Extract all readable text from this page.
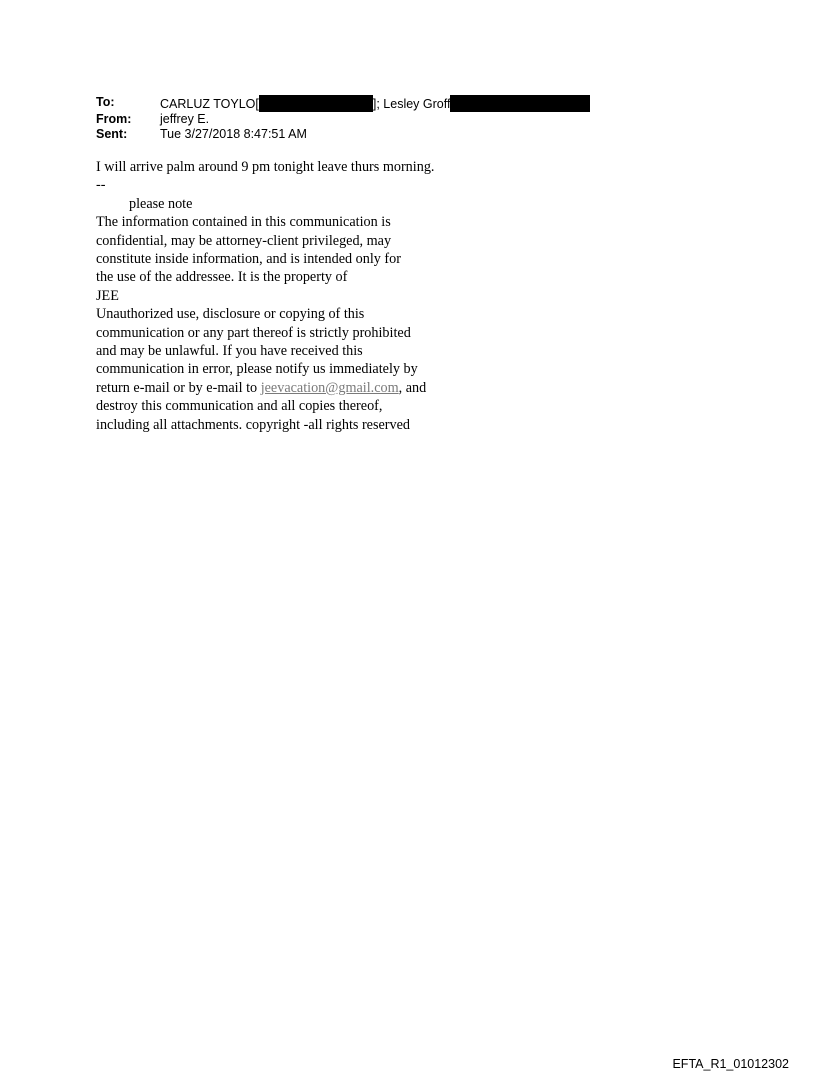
To:	CARLUZ TOYLO[	]; Lesley Groff
From:	jeffrey E.
Sent:	Tue 3/27/2018 8:47:51 AM
I will arrive palm around 9 pm tonight leave thurs morning.
--
please note
The information contained in this communication is
confidential, may be attorney-client privileged, may
constitute inside information, and is intended only for
the use of the addressee. It is the property of
JEE
Unauthorized use, disclosure or copying of this
communication or any part thereof is strictly prohibited
and may be unlawful. If you have received this
communication in error, please notify us immediately by
return e-mail or by e-mail to jeevacation@gmail.com, and
destroy this communication and all copies thereof,
including all attachments. copyright -all rights reserved
EFTA_R1_01012302
